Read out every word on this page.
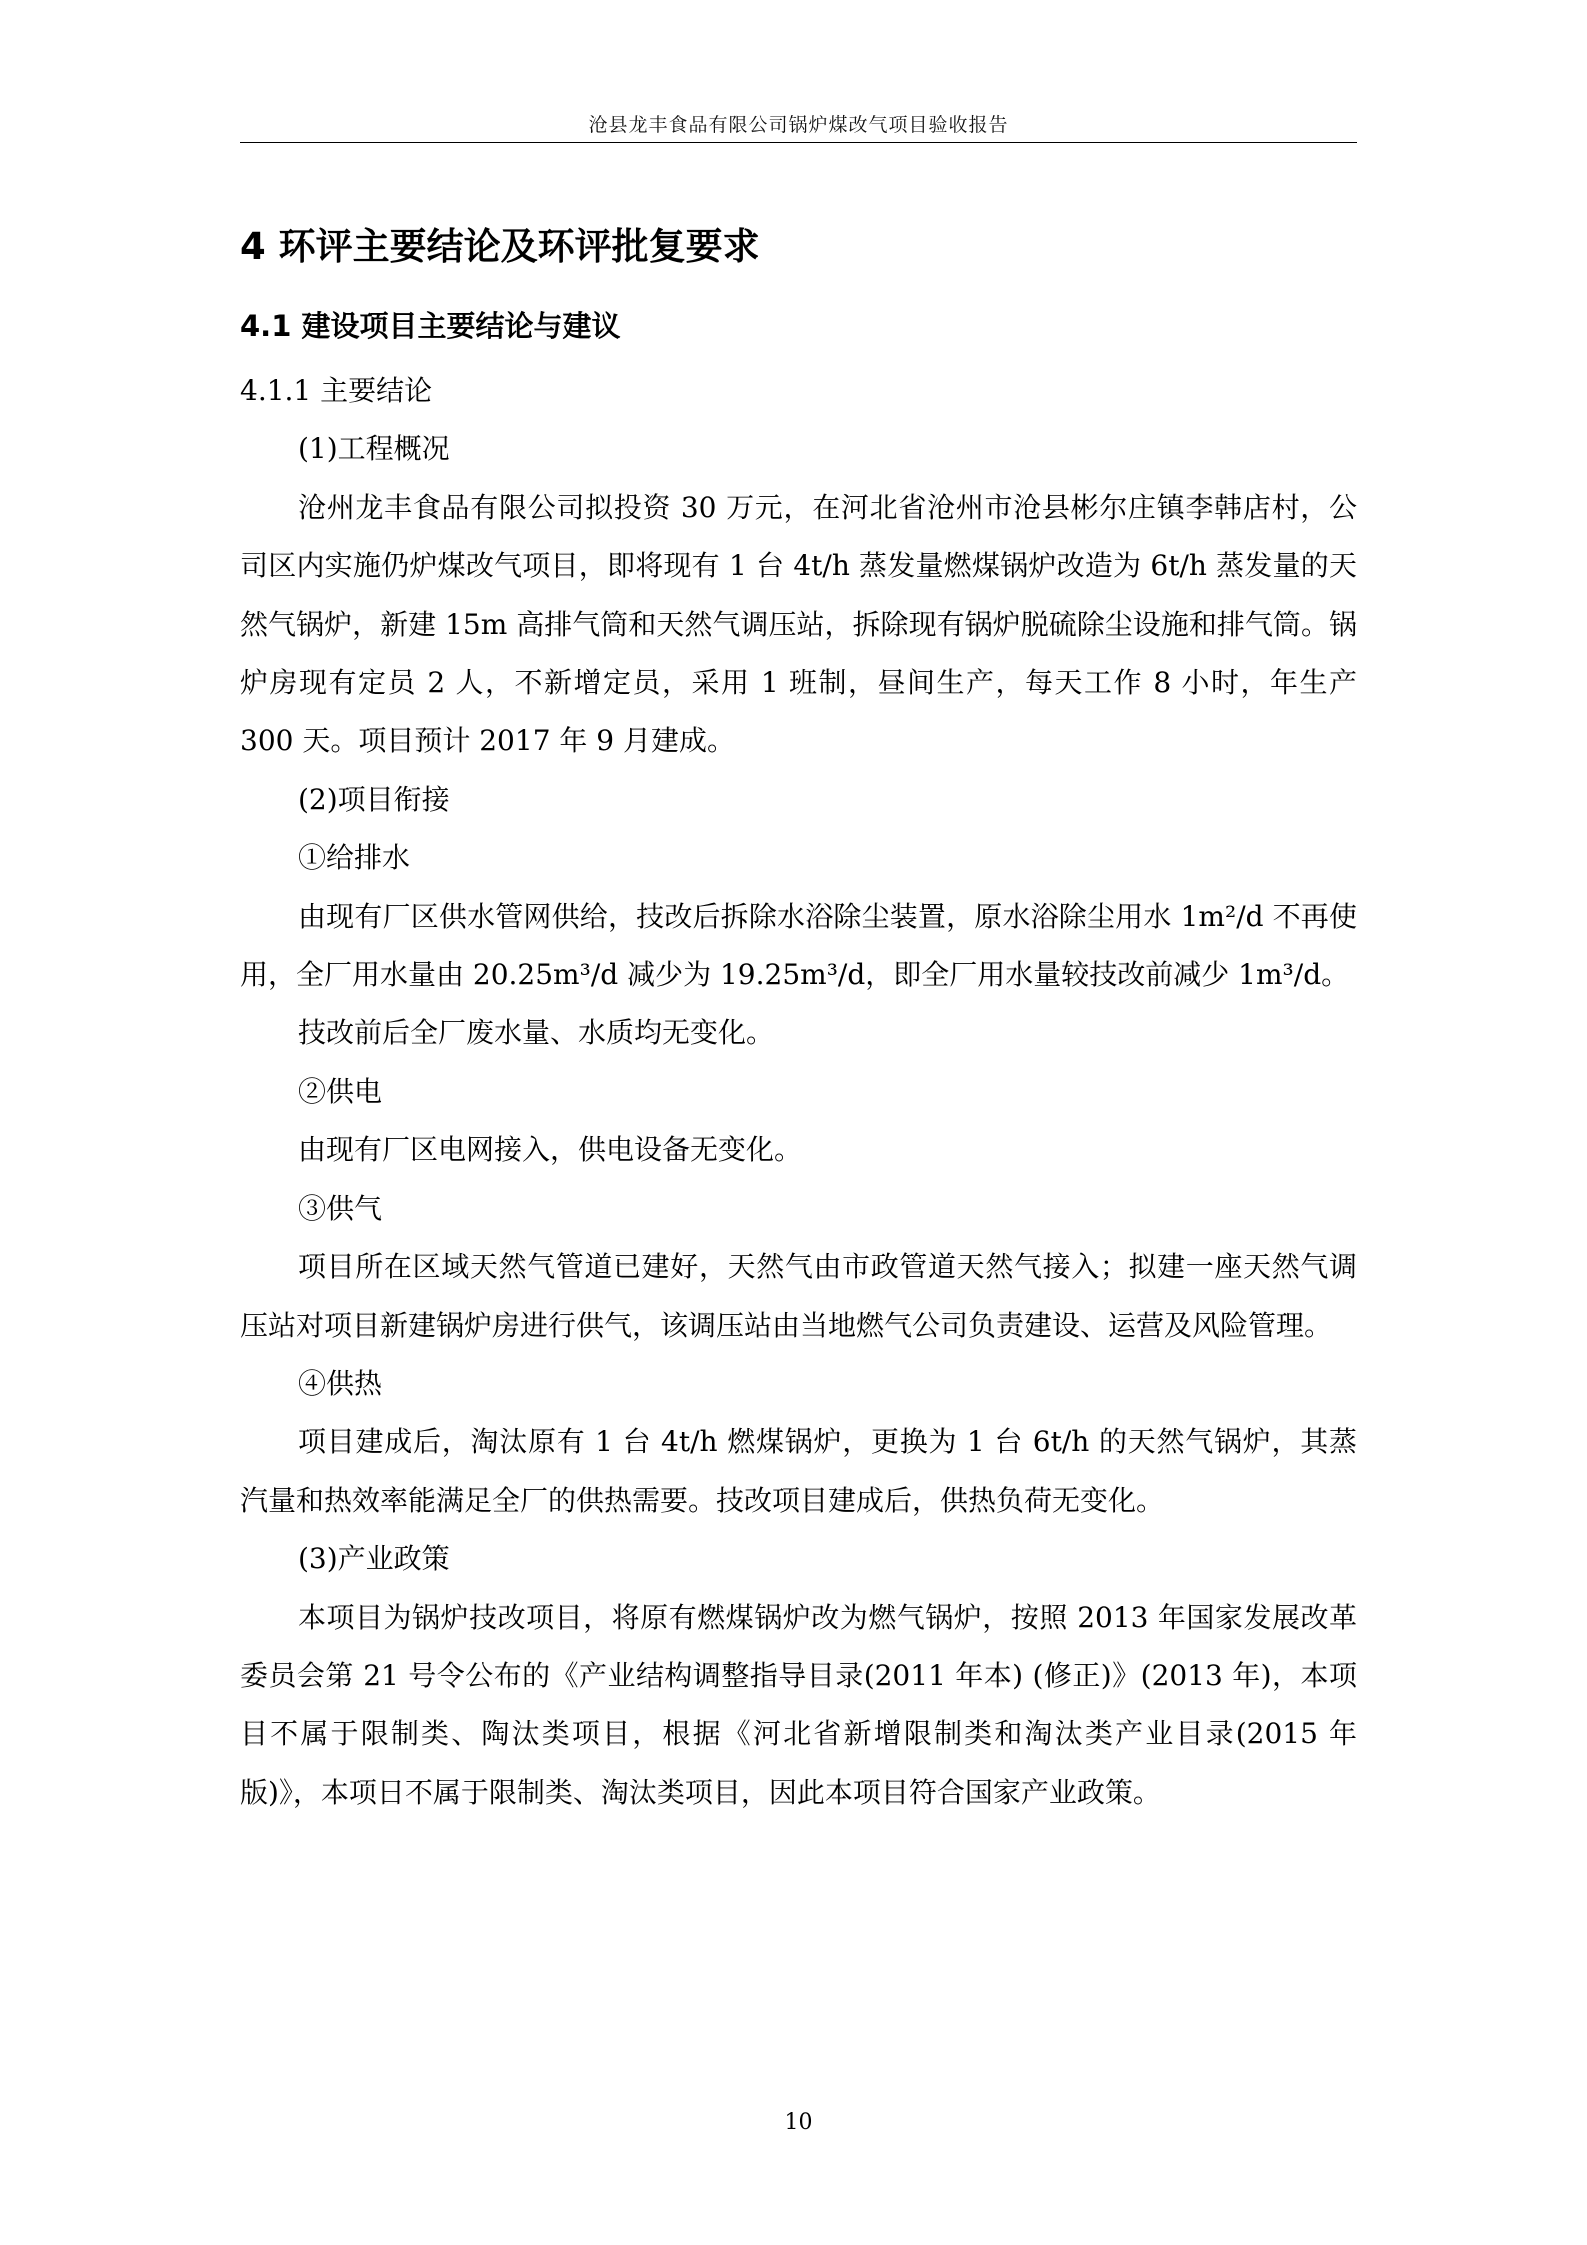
沧县龙丰食品有限公司锅炉煤改气项目验收报告
4 环评主要结论及环评批复要求
4.1 建设项目主要结论与建议

4.1.1 主要结论

(1)工程概况

沧州龙丰食品有限公司拟投资 30 万元，在河北省沧州市沧县彬尔庄镇李韩店村，公司区内实施仍炉煤改气项目，即将现有 1 台 4t/h 蒸发量燃煤锅炉改造为 6t/h 蒸发量的天然气锅炉，新建 15m 高排气筒和天然气调压站，拆除现有锅炉脱硫除尘设施和排气筒。锅炉房现有定员 2 人，不新增定员，采用 1 班制，昼间生产，每天工作 8 小时，年生产 300 天。项目预计 2017 年 9 月建成。

(2)项目衔接

①给排水

由现有厂区供水管网供给，技改后拆除水浴除尘装置，原水浴除尘用水 1m²/d 不再使用，全厂用水量由 20.25m³/d 减少为 19.25m³/d，即全厂用水量较技改前减少 1m³/d。

技改前后全厂废水量、水质均无变化。

②供电

由现有厂区电网接入，供电设备无变化。

③供气

项目所在区域天然气管道已建好，天然气由市政管道天然气接入；拟建一座天然气调压站对项目新建锅炉房进行供气，该调压站由当地燃气公司负责建设、运营及风险管理。

④供热

项目建成后，淘汰原有 1 台 4t/h 燃煤锅炉，更换为 1 台 6t/h 的天然气锅炉，其蒸汽量和热效率能满足全厂的供热需要。技改项目建成后，供热负荷无变化。

(3)产业政策

本项目为锅炉技改项目，将原有燃煤锅炉改为燃气锅炉，按照 2013 年国家发展改革委员会第 21 号令公布的《产业结构调整指导目录(2011 年本) (修正)》(2013 年)，本项目不属于限制类、陶汰类项目，根据《河北省新增限制类和淘汰类产业目录(2015 年版)》，本项日不属于限制类、淘汰类项目，因此本项目符合国家产业政策。

10
